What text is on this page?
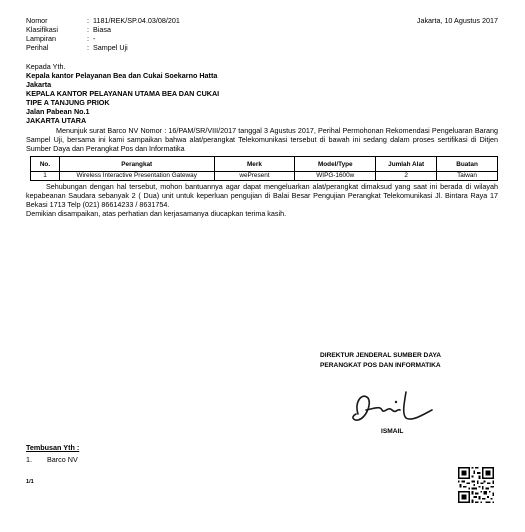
Nomor	: 1181/REK/SP.04.03/08/201
Klasifikasi	: Biasa
Lampiran	: -
Perihal	: Sampel Uji
Jakarta, 10 Agustus 2017
Kepada Yth.
Kepala kantor Pelayanan Bea dan Cukai Soekarno Hatta
Jakarta
KEPALA KANTOR PELAYANAN UTAMA BEA DAN CUKAI
TIPE A TANJUNG PRIOK
Jalan Pabean No.1
JAKARTA UTARA
Menunjuk surat Barco NV Nomor : 16/PAM/SR/VIII/2017 tanggal 3 Agustus 2017, Perihal Permohonan Rekomendasi Pengeluaran Barang Sampel Uji, bersama ini kami sampaikan bahwa alat/perangkat Telekomunikasi tersebut di bawah ini sedang dalam proses sertifikasi di Ditjen Sumber Daya dan Perangkat Pos dan Informatika
No.	Perangkat	Merk	Model/Type	Jumlah Alat	Buatan
1	Wireless Interactive Presentation Gateway	wePresent	WIPG-1600w	2	Taiwan
Sehubungan dengan hal tersebut, mohon bantuannya agar dapat mengeluarkan alat/perangkat dimaksud yang saat ini berada di wilayah kepabeanan Saudara sebanyak 2 ( Dua) unit untuk keperluan pengujian di Balai Besar Pengujian Perangkat Telekomunikasi Jl. Bintara Raya 17 Bekasi 1713 Telp (021) 86614233 / 8631754.
Demikian disampaikan, atas perhatian dan kerjasamanya diucapkan terima kasih.
DIREKTUR JENDERAL SUMBER DAYA
PERANGKAT POS DAN INFORMATIKA
ISMAIL
Tembusan Yth :
1. Barco NV
1/1
